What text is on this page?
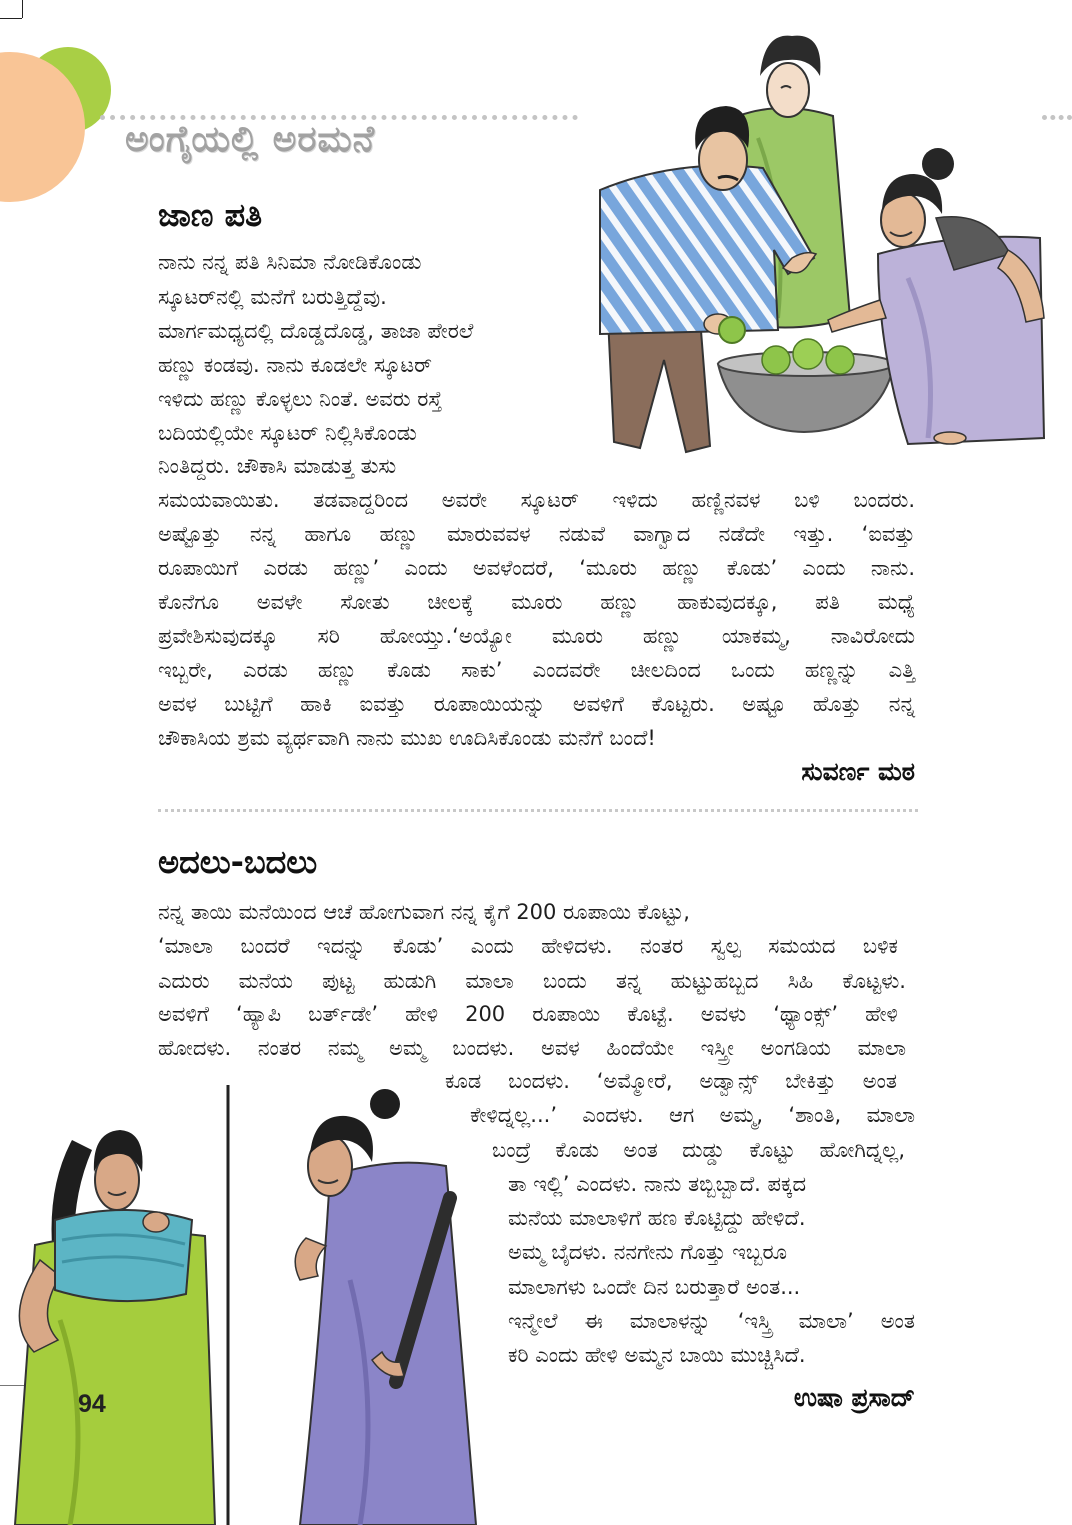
ಅಂಗೈಯಲ್ಲಿ ಅರಮನೆ
ಜಾಣ ಪತಿ
ನಾನು ನನ್ನ ಪತಿ ಸಿನಿಮಾ ನೋಡಿಕೊಂಡು
ಸ್ಕೂಟರ್‌ನಲ್ಲಿ ಮನೆಗೆ ಬರುತ್ತಿದ್ದೆವು.
ಮಾರ್ಗಮಧ್ಯದಲ್ಲಿ ದೊಡ್ಡದೊಡ್ಡ, ತಾಜಾ ಪೇರಲೆ
ಹಣ್ಣು ಕಂಡವು. ನಾನು ಕೂಡಲೇ ಸ್ಕೂಟರ್
ಇಳಿದು ಹಣ್ಣು ಕೊಳ್ಳಲು ನಿಂತೆ. ಅವರು ರಸ್ತೆ
ಬದಿಯಲ್ಲಿಯೇ ಸ್ಕೂಟರ್ ನಿಲ್ಲಿಸಿಕೊಂಡು
ನಿಂತಿದ್ದರು. ಚೌಕಾಸಿ ಮಾಡುತ್ತ ತುಸು
ಸಮಯವಾಯಿತು. ತಡವಾದ್ದರಿಂದ ಅವರೇ ಸ್ಕೂಟರ್ ಇಳಿದು ಹಣ್ಣಿನವಳ ಬಳಿ ಬಂದರು.
ಅಷ್ಟೊತ್ತು ನನ್ನ ಹಾಗೂ ಹಣ್ಣು ಮಾರುವವಳ ನಡುವೆ ವಾಗ್ವಾದ ನಡೆದೇ ಇತ್ತು. ‘ಐವತ್ತು
ರೂಪಾಯಿಗೆ ಎರಡು ಹಣ್ಣು’ ಎಂದು ಅವಳೆಂದರೆ, ‘ಮೂರು ಹಣ್ಣು ಕೊಡು’ ಎಂದು ನಾನು.
ಕೊನೆಗೂ ಅವಳೇ ಸೋತು ಚೀಲಕ್ಕೆ ಮೂರು ಹಣ್ಣು ಹಾಕುವುದಕ್ಕೂ, ಪತಿ ಮಧ್ಯೆ
ಪ್ರವೇಶಿಸುವುದಕ್ಕೂ ಸರಿ ಹೋಯ್ತು.‘ಅಯ್ಯೋ ಮೂರು ಹಣ್ಣು ಯಾಕಮ್ಮ, ನಾವಿರೋದು
ಇಬ್ಬರೇ, ಎರಡು ಹಣ್ಣು ಕೊಡು ಸಾಕು’ ಎಂದವರೇ ಚೀಲದಿಂದ ಒಂದು ಹಣ್ಣನ್ನು ಎತ್ತಿ
ಅವಳ ಬುಟ್ಟಿಗೆ ಹಾಕಿ ಐವತ್ತು ರೂಪಾಯಿಯನ್ನು ಅವಳಿಗೆ ಕೊಟ್ಟರು. ಅಷ್ಟೂ ಹೊತ್ತು ನನ್ನ
ಚೌಕಾಸಿಯ ಶ್ರಮ ವ್ಯರ್ಥವಾಗಿ ನಾನು ಮುಖ ಊದಿಸಿಕೊಂಡು ಮನೆಗೆ ಬಂದೆ!
ಸುವರ್ಣ ಮಠ
ಅದಲು-ಬದಲು
ನನ್ನ ತಾಯಿ ಮನೆಯಿಂದ ಆಚೆ ಹೋಗುವಾಗ ನನ್ನ ಕೈಗೆ 200 ರೂಪಾಯಿ ಕೊಟ್ಟು,
‘ಮಾಲಾ ಬಂದರೆ ಇದನ್ನು ಕೊಡು’ ಎಂದು ಹೇಳಿದಳು. ನಂತರ ಸ್ವಲ್ಪ ಸಮಯದ ಬಳಿಕ
ಎದುರು ಮನೆಯ ಪುಟ್ಟ ಹುಡುಗಿ ಮಾಲಾ ಬಂದು ತನ್ನ ಹುಟ್ಟುಹಬ್ಬದ ಸಿಹಿ ಕೊಟ್ಟಳು.
ಅವಳಿಗೆ ‘ಹ್ಯಾಪಿ ಬರ್ತ್‌ಡೇ’ ಹೇಳಿ 200 ರೂಪಾಯಿ ಕೊಟ್ಟೆ. ಅವಳು ‘ಥ್ಯಾಂಕ್ಸ್’ ಹೇಳಿ
ಹೋದಳು. ನಂತರ ನಮ್ಮ ಅಮ್ಮ ಬಂದಳು. ಅವಳ ಹಿಂದೆಯೇ ಇಸ್ತ್ರೀ ಅಂಗಡಿಯ ಮಾಲಾ
ಕೂಡ ಬಂದಳು. ‘ಅಮ್ಮೋರೆ, ಅಡ್ವಾನ್ಸ್ ಬೇಕಿತ್ತು ಅಂತ
ಕೇಳಿದ್ನಲ್ಲ...’ ಎಂದಳು. ಆಗ ಅಮ್ಮ, ‘ಶಾಂತಿ, ಮಾಲಾ
ಬಂದ್ರೆ ಕೊಡು ಅಂತ ದುಡ್ಡು ಕೊಟ್ಟು ಹೋಗಿದ್ನಲ್ಲ,
ತಾ ಇಲ್ಲಿ’ ಎಂದಳು. ನಾನು ತಬ್ಬಿಬ್ಬಾದೆ. ಪಕ್ಕದ
ಮನೆಯ ಮಾಲಾಳಿಗೆ ಹಣ ಕೊಟ್ಟಿದ್ದು ಹೇಳಿದೆ.
ಅಮ್ಮ ಬೈದಳು. ನನಗೇನು ಗೊತ್ತು ಇಬ್ಬರೂ
ಮಾಲಾಗಳು ಒಂದೇ ದಿನ ಬರುತ್ತಾರೆ ಅಂತ...
ಇನ್ಮೇಲೆ ಈ ಮಾಲಾಳನ್ನು ‘ಇಸ್ತ್ರಿ ಮಾಲಾ’ ಅಂತ
ಕರಿ ಎಂದು ಹೇಳಿ ಅಮ್ಮನ ಬಾಯಿ ಮುಚ್ಚಿಸಿದೆ.
ಉಷಾ ಪ್ರಸಾದ್
94
